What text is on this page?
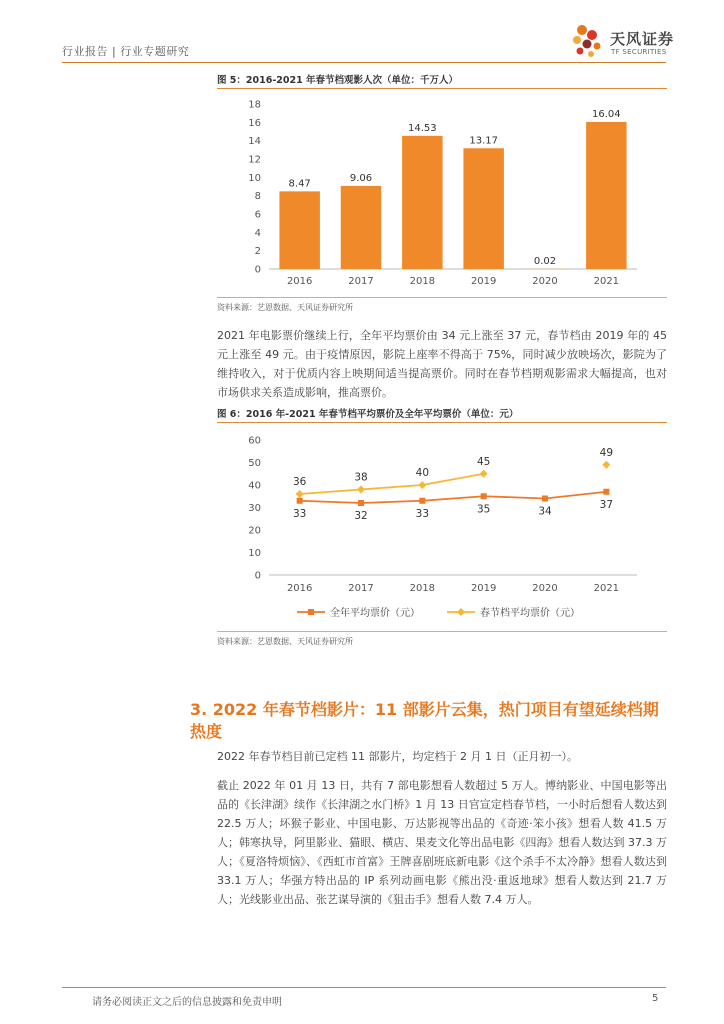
行业报告 | 行业专题研究
天风证券
TF SECURITIES
图 5：2016-2021 年春节档观影人次（单位：千万人）
0
2
4
6
8
10
12
14
16
18
8.47
2016
9.06
2017
14.53
2018
13.17
2019
0.02
2020
16.04
2021
资料来源：艺恩数据、天风证券研究所

2021 年电影票价继续上行，全年平均票价由 34 元上涨至 37 元，春节档由 2019 年的 45 元上涨至 49 元。由于疫情原因，影院上座率不得高于 75%，同时减少放映场次，影院为了维持收入，对于优质内容上映期间适当提高票价。同时在春节档期观影需求大幅提高，也对市场供求关系造成影响，推高票价。

图 6：2016 年-2021 年春节档平均票价及全年平均票价（单位：元）
0
10
20
30
40
50
60
2016	2017	2018	2019	2020	2021
33	32	33	35	34
37
36	38	40
45
49
全年平均票价（元）	春节档平均票价（元）
资料来源：艺恩数据、天风证券研究所
3. 2022 年春节档影片：11 部影片云集，热门项目有望延续档期热度

2022 年春节档目前已定档 11 部影片，均定档于 2 月 1 日（正月初一）。

截止 2022 年 01 月 13 日，共有 7 部电影想看人数超过 5 万人。博纳影业、中国电影等出品的《长津湖》续作《长津湖之水门桥》1 月 13 日官宣定档春节档，一小时后想看人数达到 22.5 万人；坏猴子影业、中国电影、万达影视等出品的《奇迹·笨小孩》想看人数 41.5 万人；韩寒执导，阿里影业、猫眼、横店、果麦文化等出品电影《四海》想看人数达到 37.3 万人；《夏洛特烦恼》、《西虹市首富》王牌喜剧班底新电影《这个杀手不太冷静》想看人数达到 33.1 万人；华强方特出品的 IP 系列动画电影《熊出没·重返地球》想看人数达到 21.7 万人；光线影业出品、张艺谋导演的《狙击手》想看人数 7.4 万人。

请务必阅读正文之后的信息披露和免责申明	5
